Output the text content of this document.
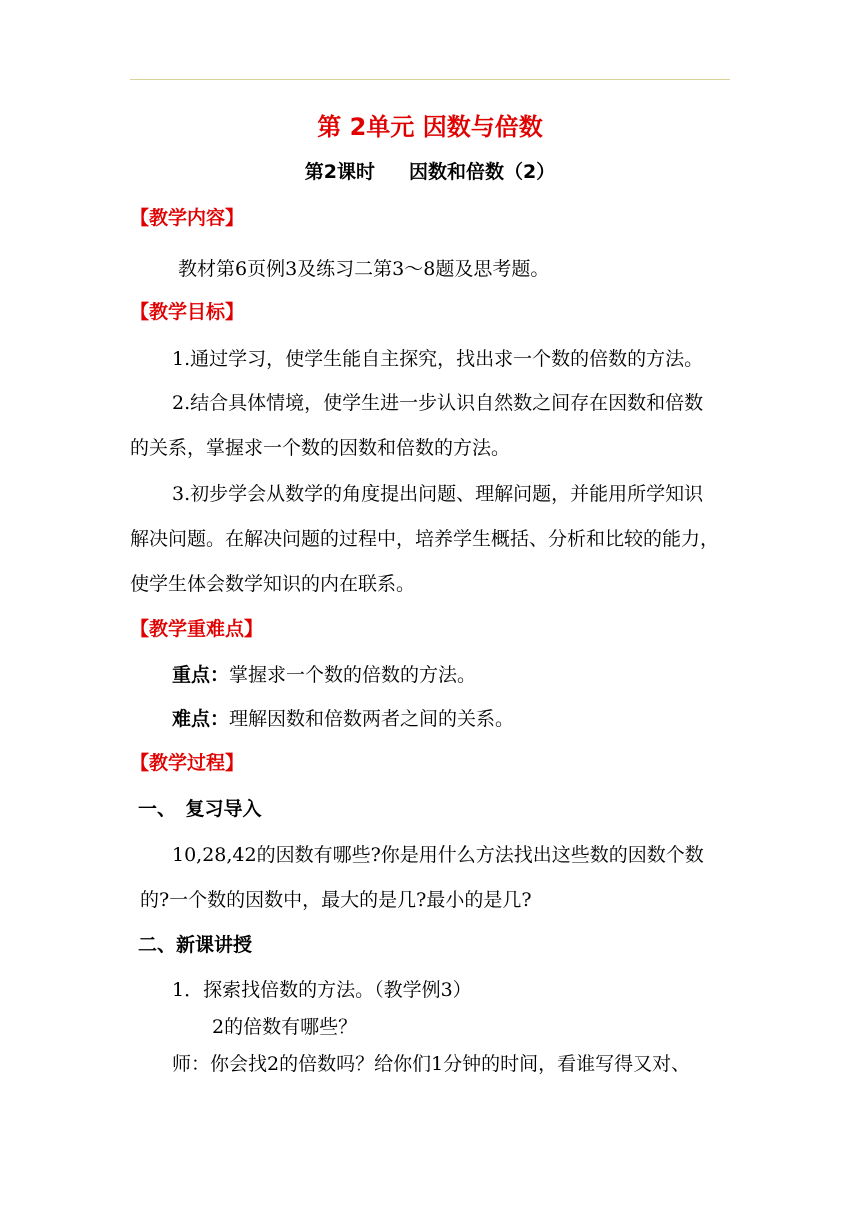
第 2单元 因数与倍数
第2课时 因数和倍数（2）
【教学内容】
教材第6页例3及练习二第3～8题及思考题。
【教学目标】
1.通过学习，使学生能自主探究，找出求一个数的倍数的方法。
2.结合具体情境，使学生进一步认识自然数之间存在因数和倍数
的关系，掌握求一个数的因数和倍数的方法。
3.初步学会从数学的角度提出问题、理解问题，并能用所学知识
解决问题。在解决问题的过程中，培养学生概括、分析和比较的能力，
使学生体会数学知识的内在联系。
【教学重难点】
重点：掌握求一个数的倍数的方法。
难点：理解因数和倍数两者之间的关系。
【教学过程】
一、　复习导入
10,28,42的因数有哪些?你是用什么方法找出这些数的因数个数
的?一个数的因数中，最大的是几?最小的是几?
二、新课讲授
1．探索找倍数的方法。（教学例3）
2的倍数有哪些？
师：你会找2的倍数吗？给你们1分钟的时间，看谁写得又对、
